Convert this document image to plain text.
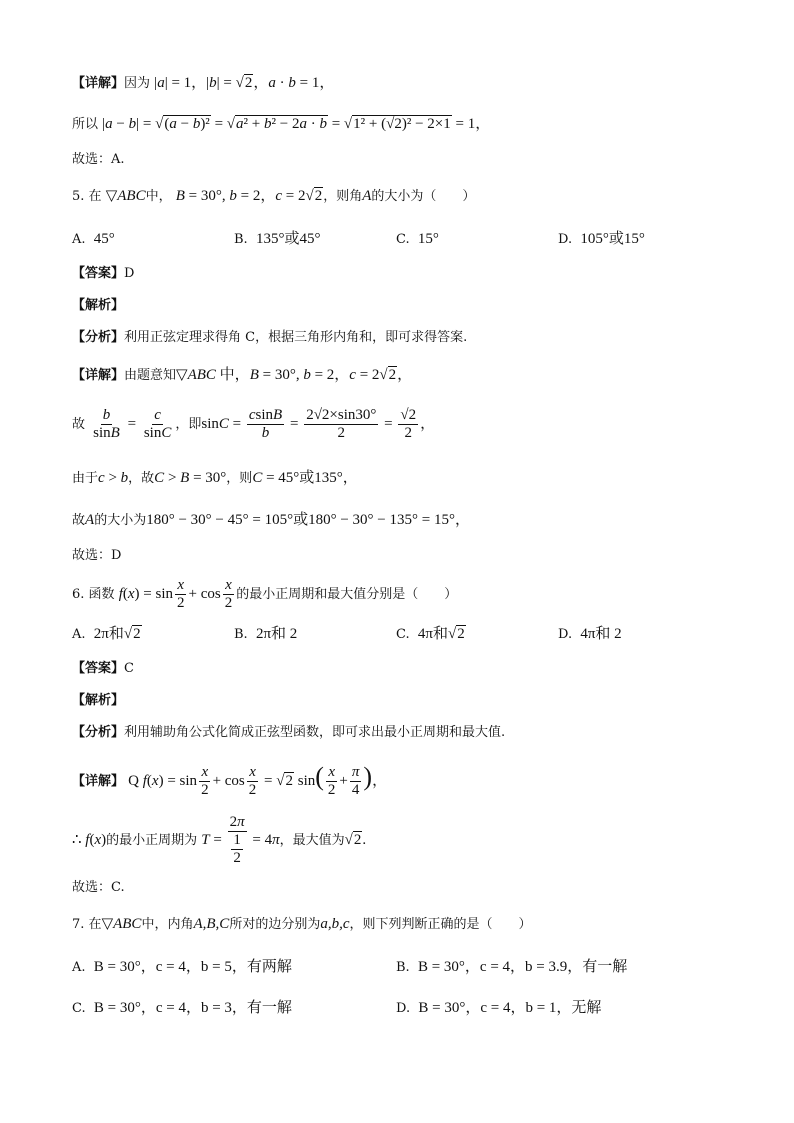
【详解】因为 |a| = 1，|b| = √2，a · b = 1，
所以 |a − b| = √(a − b)² = √a² + b² − 2a · b = √1² + (√2)² − 2×1 = 1，
故选：A.
5. 在 ▽ABC中， B = 30°, b = 2，c = 2√2，则角A的大小为（　　）
A. 45°	B. 135°或45°	C. 15°	D. 105°或15°
【答案】D
【解析】
【分析】利用正弦定理求得角 C，根据三角形内角和，即可求得答案.
【详解】由题意知▽ABC 中，B = 30°, b = 2，c = 2√2，
故 $\frac{b}{\sin B} = \frac{c}{\sin C}$ ，即$\sin C = \frac{csinB}{b} = \frac{2√2\times\sin 30^\circ}{2} = \frac{√2}{2}$ ，
由于c > b，故C > B = 30°，则C = 45°或135°，
故A的大小为180° − 30° − 45° = 105°或180° − 30° − 135° = 15°，
故选：D
6. 函数 $f(x) = \sin \frac{x}{2} + \cos \frac{x}{2}$ 的最小正周期和最大值分别是（　　）
A. 2π和√2	B. 2π和 2	C. 4π和√2	D. 4π和 2
【答案】C
【解析】
【分析】利用辅助角公式化简成正弦型函数，即可求出最小正周期和最大值.
【详解】 Q $f(x) = \sin \frac{x}{2} + \cos \frac{x}{2} = √2$ $\sin( \frac{x}{2} + \frac{\pi}{4}$ )，
∴ f(x)的最小正周期为 $T = \frac{2\pi}{\frac{1}{2}} = 4\pi$，最大值为√2.
故选：C.
7. 在▽ABC中，内角A,B,C所对的边分别为a,b,c，则下列判断正确的是（　　）
A. B = 30°，c = 4，b = 5，有两解	B. B = 30°，c = 4，b = 3.9，有一解
C. B = 30°，c = 4，b = 3，有一解	D. B = 30°，c = 4，b = 1，无解
